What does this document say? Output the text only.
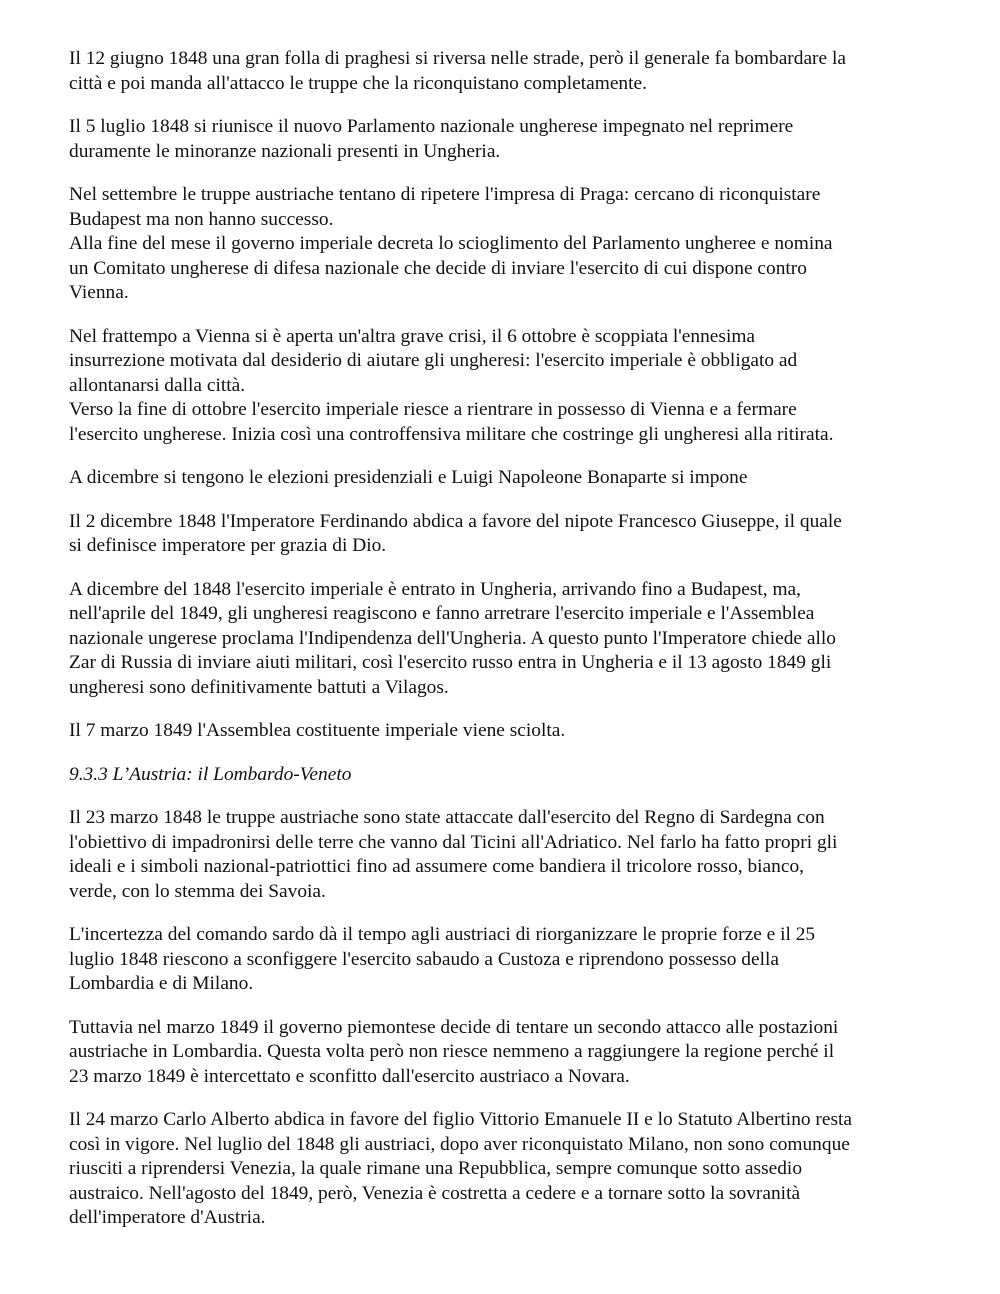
Il 12 giugno 1848 una gran folla di praghesi si riversa nelle strade, però il generale fa bombardare la
città e poi manda all'attacco le truppe che la riconquistano completamente.

Il 5 luglio 1848 si riunisce il nuovo Parlamento nazionale ungherese impegnato nel reprimere
duramente le minoranze nazionali presenti in Ungheria.

Nel settembre le truppe austriache tentano di ripetere l'impresa di Praga: cercano di riconquistare
Budapest ma non hanno successo.
Alla fine del mese il governo imperiale decreta lo scioglimento del Parlamento ungheree e nomina
un Comitato ungherese di difesa nazionale che decide di inviare l'esercito di cui dispone contro
Vienna.

Nel frattempo a Vienna si è aperta un'altra grave crisi, il 6 ottobre è scoppiata l'ennesima
insurrezione motivata dal desiderio di aiutare gli ungheresi: l'esercito imperiale è obbligato ad
allontanarsi dalla città.
Verso la fine di ottobre l'esercito imperiale riesce a rientrare in possesso di Vienna e a fermare
l'esercito ungherese. Inizia così una controffensiva militare che costringe gli ungheresi alla ritirata.

A dicembre si tengono le elezioni presidenziali e Luigi Napoleone Bonaparte si impone

Il 2 dicembre 1848 l'Imperatore Ferdinando abdica a favore del nipote Francesco Giuseppe, il quale
si definisce imperatore per grazia di Dio.

A dicembre del 1848 l'esercito imperiale è entrato in Ungheria, arrivando fino a Budapest, ma,
nell'aprile del 1849, gli ungheresi reagiscono e fanno arretrare l'esercito imperiale e l'Assemblea
nazionale ungerese proclama l'Indipendenza dell'Ungheria. A questo punto l'Imperatore chiede allo
Zar di Russia di inviare aiuti militari, così l'esercito russo entra in Ungheria e il 13 agosto 1849 gli
ungheresi sono definitivamente battuti a Vilagos.

Il 7 marzo 1849 l'Assemblea costituente imperiale viene sciolta.

9.3.3 L’Austria: il Lombardo-Veneto

Il 23 marzo 1848 le truppe austriache sono state attaccate dall'esercito del Regno di Sardegna con
l'obiettivo di impadronirsi delle terre che vanno dal Ticini all'Adriatico. Nel farlo ha fatto propri gli
ideali e i simboli nazional-patriottici fino ad assumere come bandiera il tricolore rosso, bianco,
verde, con lo stemma dei Savoia.

L'incertezza del comando sardo dà il tempo agli austriaci di riorganizzare le proprie forze e il 25
luglio 1848 riescono a sconfiggere l'esercito sabaudo a Custoza e riprendono possesso della
Lombardia e di Milano.

Tuttavia nel marzo 1849 il governo piemontese decide di tentare un secondo attacco alle postazioni
austriache in Lombardia. Questa volta però non riesce nemmeno a raggiungere la regione perché il
23 marzo 1849 è intercettato e sconfitto dall'esercito austriaco a Novara.

Il 24 marzo Carlo Alberto abdica in favore del figlio Vittorio Emanuele II e lo Statuto Albertino resta
così in vigore. Nel luglio del 1848 gli austriaci, dopo aver riconquistato Milano, non sono comunque
riusciti a riprendersi Venezia, la quale rimane una Repubblica, sempre comunque sotto assedio
austraico. Nell'agosto del 1849, però, Venezia è costretta a cedere e a tornare sotto la sovranità
dell'imperatore d'Austria.
